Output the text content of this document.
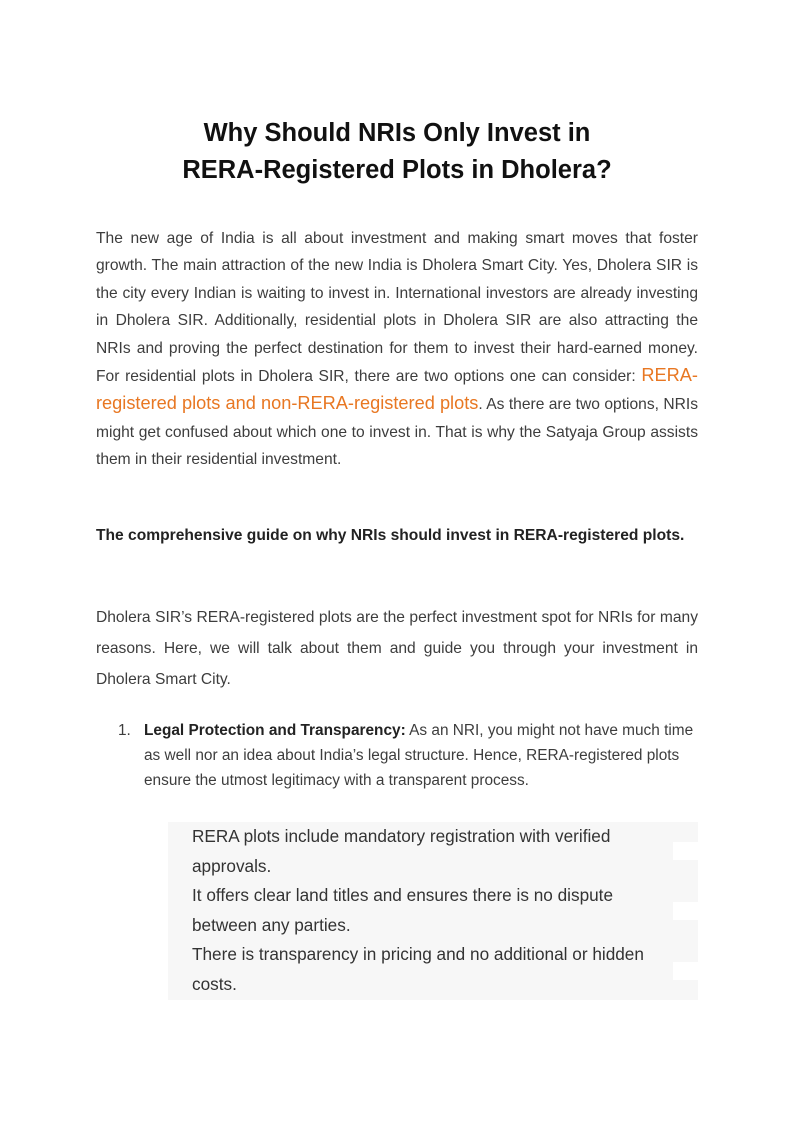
Why Should NRIs Only Invest in
RERA-Registered Plots in Dholera?

The new age of India is all about investment and making smart moves that foster growth. The main attraction of the new India is Dholera Smart City. Yes, Dholera SIR is the city every Indian is waiting to invest in. International investors are already investing in Dholera SIR. Additionally, residential plots in Dholera SIR are also attracting the NRIs and proving the perfect destination for them to invest their hard-earned money. For residential plots in Dholera SIR, there are two options one can consider: RERA-registered plots and non-RERA-registered plots. As there are two options, NRIs might get confused about which one to invest in. That is why the Satyaja Group assists them in their residential investment.

The comprehensive guide on why NRIs should invest in RERA-registered plots.

Dholera SIR’s RERA-registered plots are the perfect investment spot for NRIs for many reasons. Here, we will talk about them and guide you through your investment in Dholera Smart City.

1. Legal Protection and Transparency: As an NRI, you might not have much time as well nor an idea about India’s legal structure. Hence, RERA-registered plots ensure the utmost legitimacy with a transparent process.

RERA plots include mandatory registration with verified approvals.
It offers clear land titles and ensures there is no dispute between any parties.
There is transparency in pricing and no additional or hidden costs.
